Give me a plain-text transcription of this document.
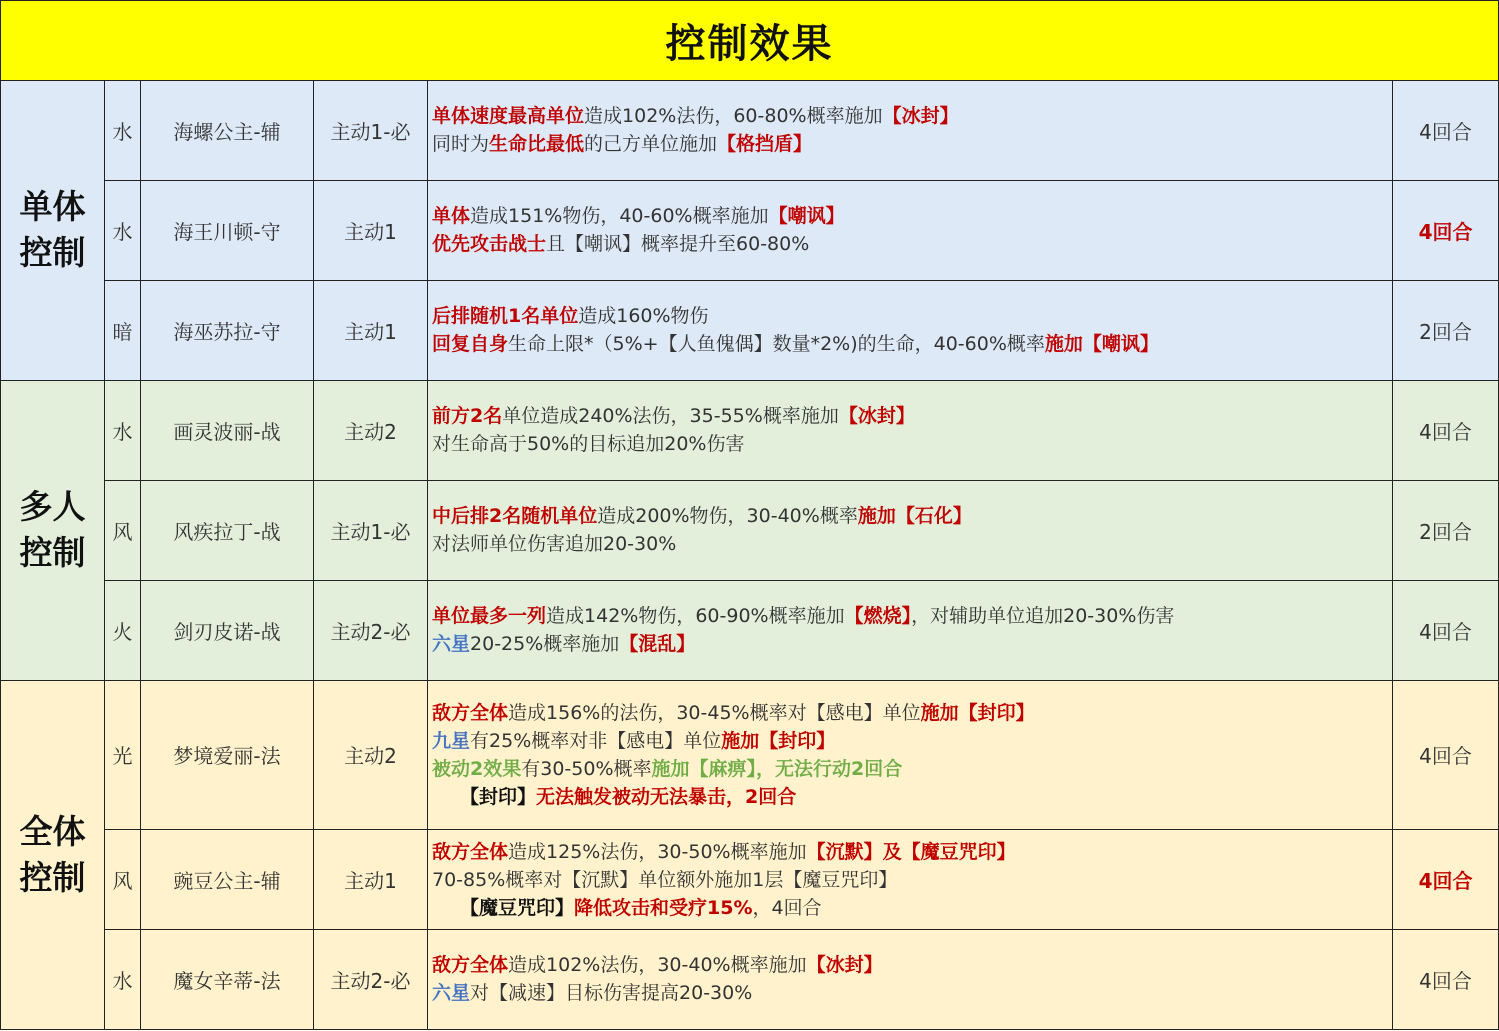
控制效果					

单体
控制	水	海螺公主-辅	主动1-必	单体速度最高单位造成102%法伤，60-80%概率施加【冰封】
同时为生命比最低的己方单位施加【格挡盾】	4回合
	水	海王川顿-守	主动1	单体造成151%物伤，40-60%概率施加【嘲讽】
优先攻击战士且【嘲讽】概率提升至60-80%	4回合
	暗	海巫苏拉-守	主动1	后排随机1名单位造成160%物伤
回复自身生命上限*（5%+【人鱼傀偶】数量*2%)的生命，40-60%概率施加【嘲讽】	2回合

多人
控制	水	画灵波丽-战	主动2	前方2名单位造成240%法伤，35-55%概率施加【冰封】
对生命高于50%的目标追加20%伤害	4回合
	风	风疾拉丁-战	主动1-必	中后排2名随机单位造成200%物伤，30-40%概率施加【石化】
对法师单位伤害追加20-30%	2回合
	火	剑刃皮诺-战	主动2-必	单位最多一列造成142%物伤，60-90%概率施加【燃烧】，对辅助单位追加20-30%伤害
六星20-25%概率施加【混乱】	4回合

全体
控制	光	梦境爱丽-法	主动2	敌方全体造成156%的法伤，30-45%概率对【感电】单位施加【封印】
九星有25%概率对非【感电】单位施加【封印】
被动2效果有30-50%概率施加【麻痹】，无法行动2回合
【封印】无法触发被动无法暴击，2回合	4回合
	风	豌豆公主-辅	主动1	敌方全体造成125%法伤，30-50%概率施加【沉默】及【魔豆咒印】
70-85%概率对【沉默】单位额外施加1层【魔豆咒印】
【魔豆咒印】降低攻击和受疗15%，4回合	4回合
	水	魔女辛蒂-法	主动2-必	敌方全体造成102%法伤，30-40%概率施加【冰封】
六星对【减速】目标伤害提高20-30%	4回合
